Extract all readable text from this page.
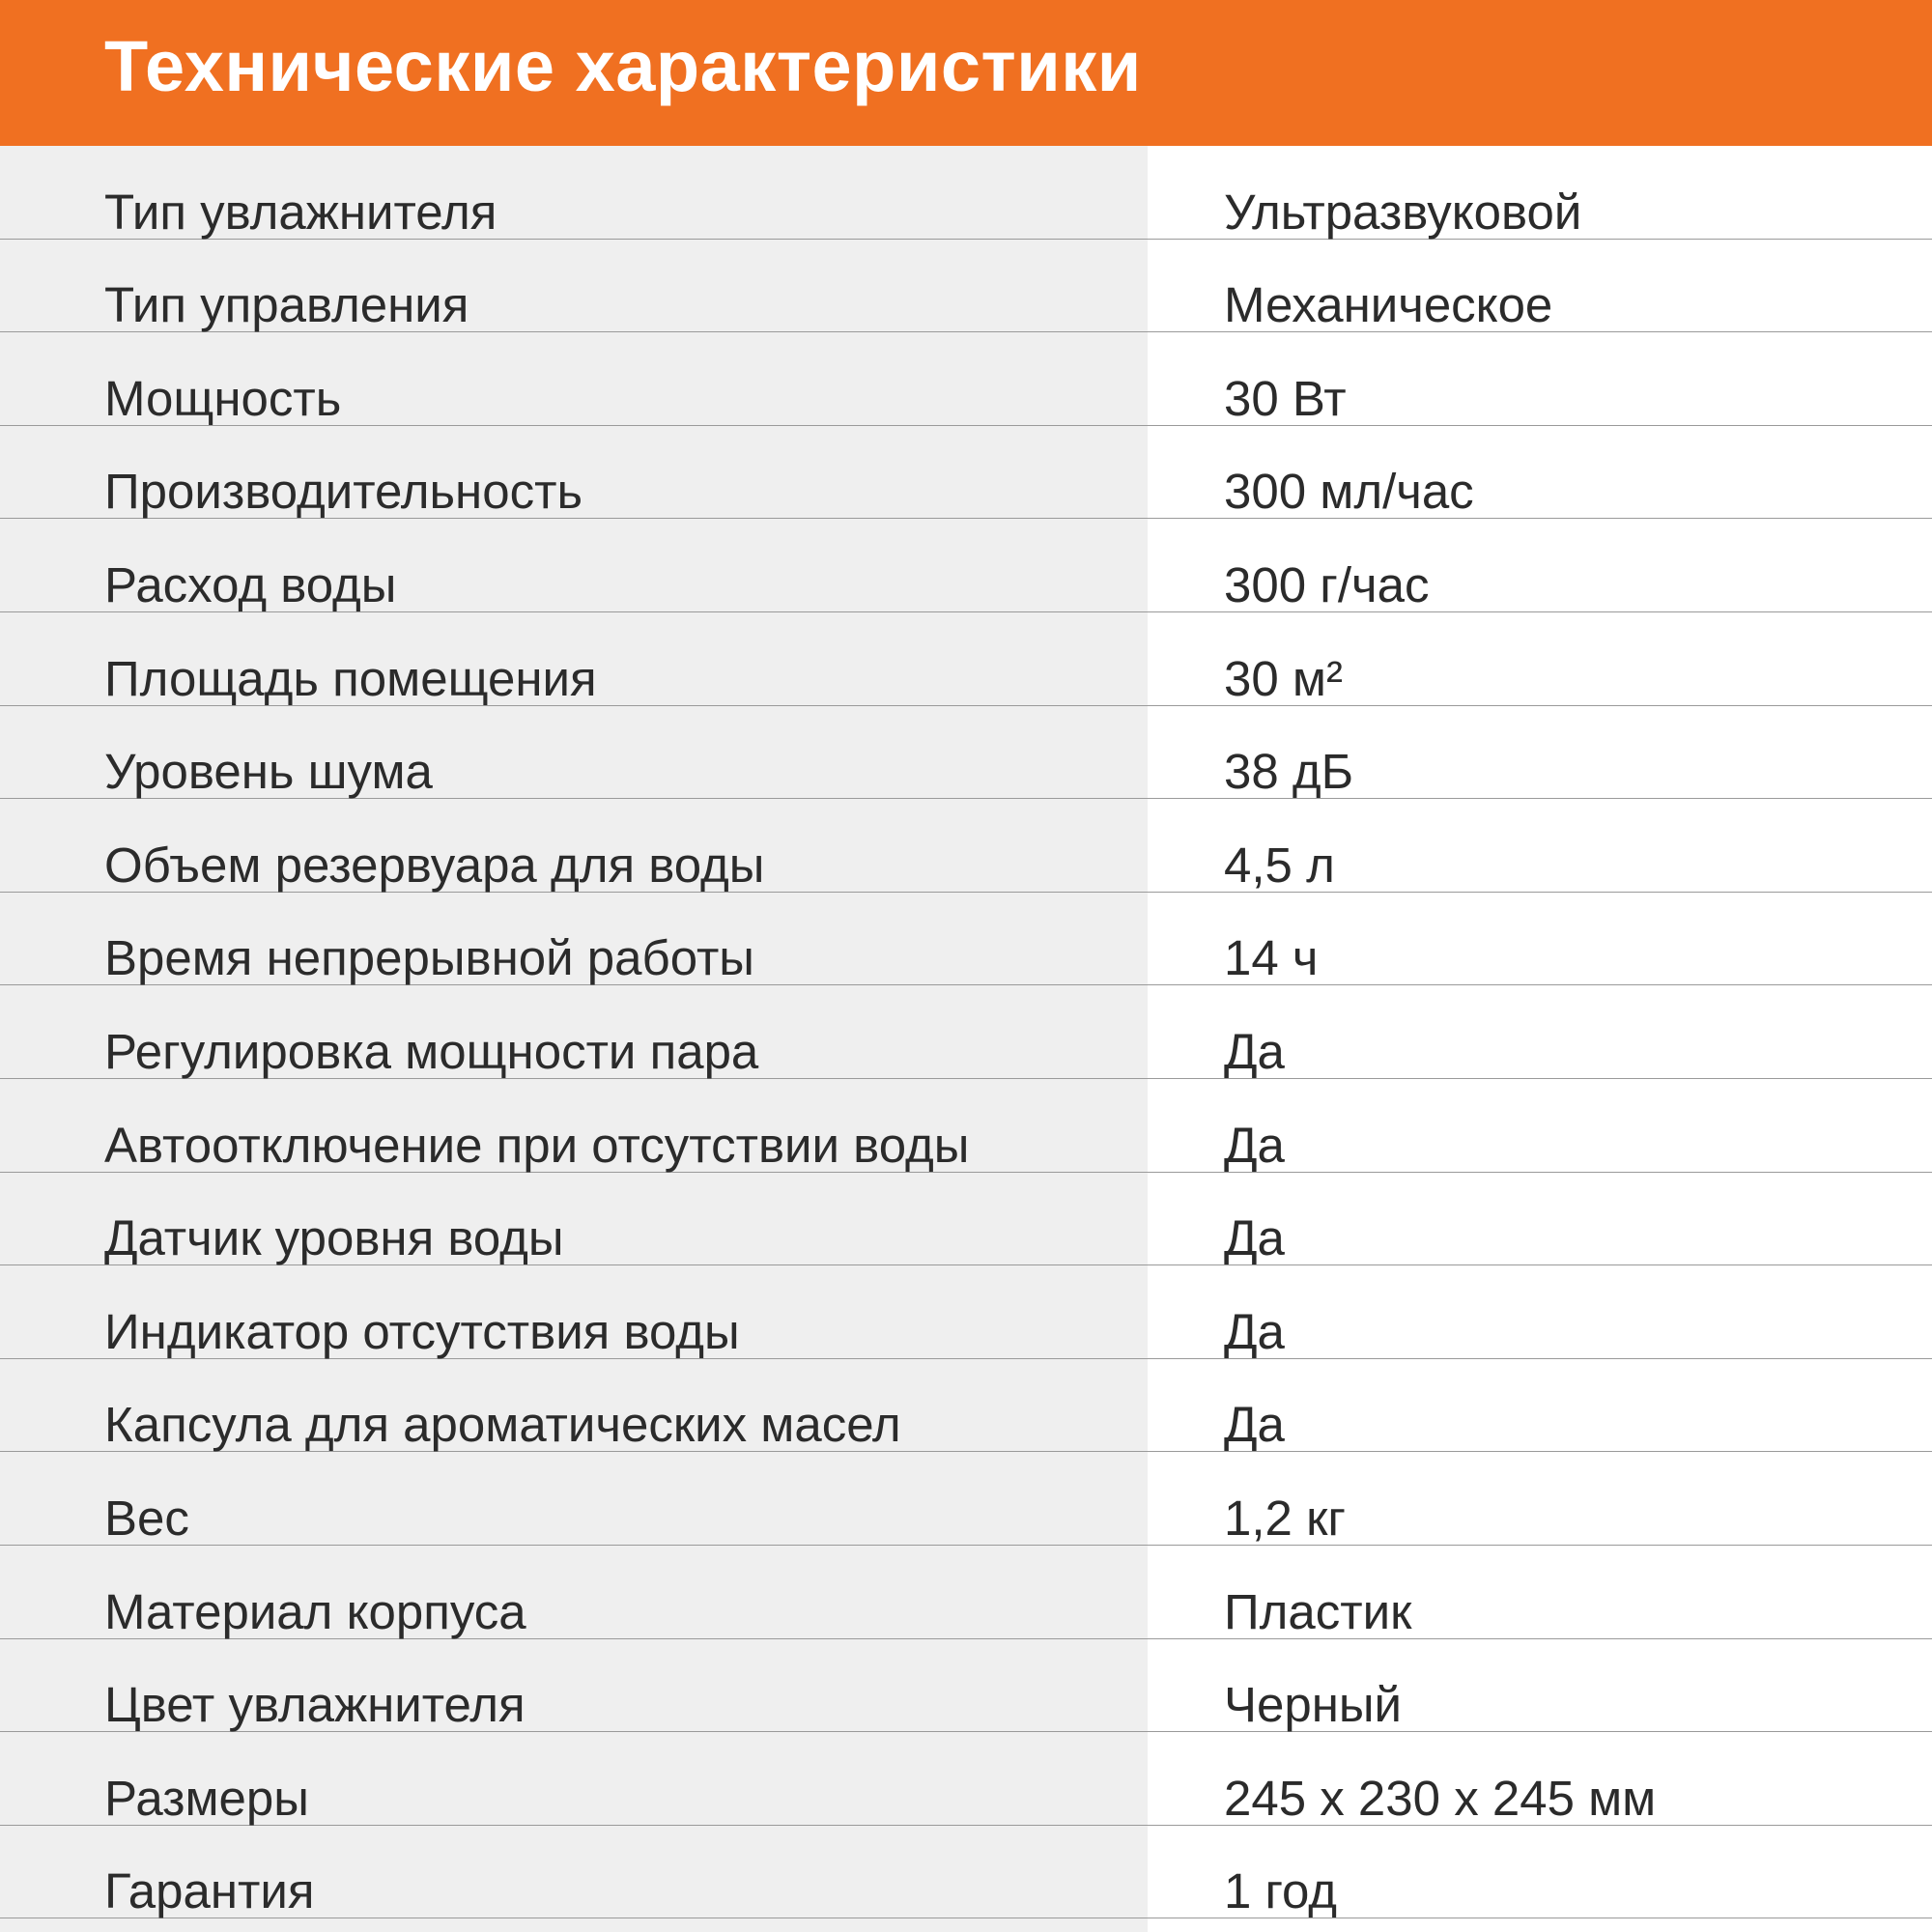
Технические характеристики
Тип увлажнителя	Ультразвуковой
Тип управления	Механическое
Мощность	30 Вт
Производительность	300 мл/час
Расход воды	300 г/час
Площадь помещения	30 м²
Уровень шума	38 дБ
Объем резервуара для воды	4,5 л
Время непрерывной работы	14 ч
Регулировка мощности пара	Да
Автоотключение при отсутствии воды	Да
Датчик уровня воды	Да
Индикатор отсутствия воды	Да
Капсула для ароматических масел	Да
Вес	1,2 кг
Материал корпуса	Пластик
Цвет увлажнителя	Черный
Размеры	245 x 230 x 245 мм
Гарантия	1 год
